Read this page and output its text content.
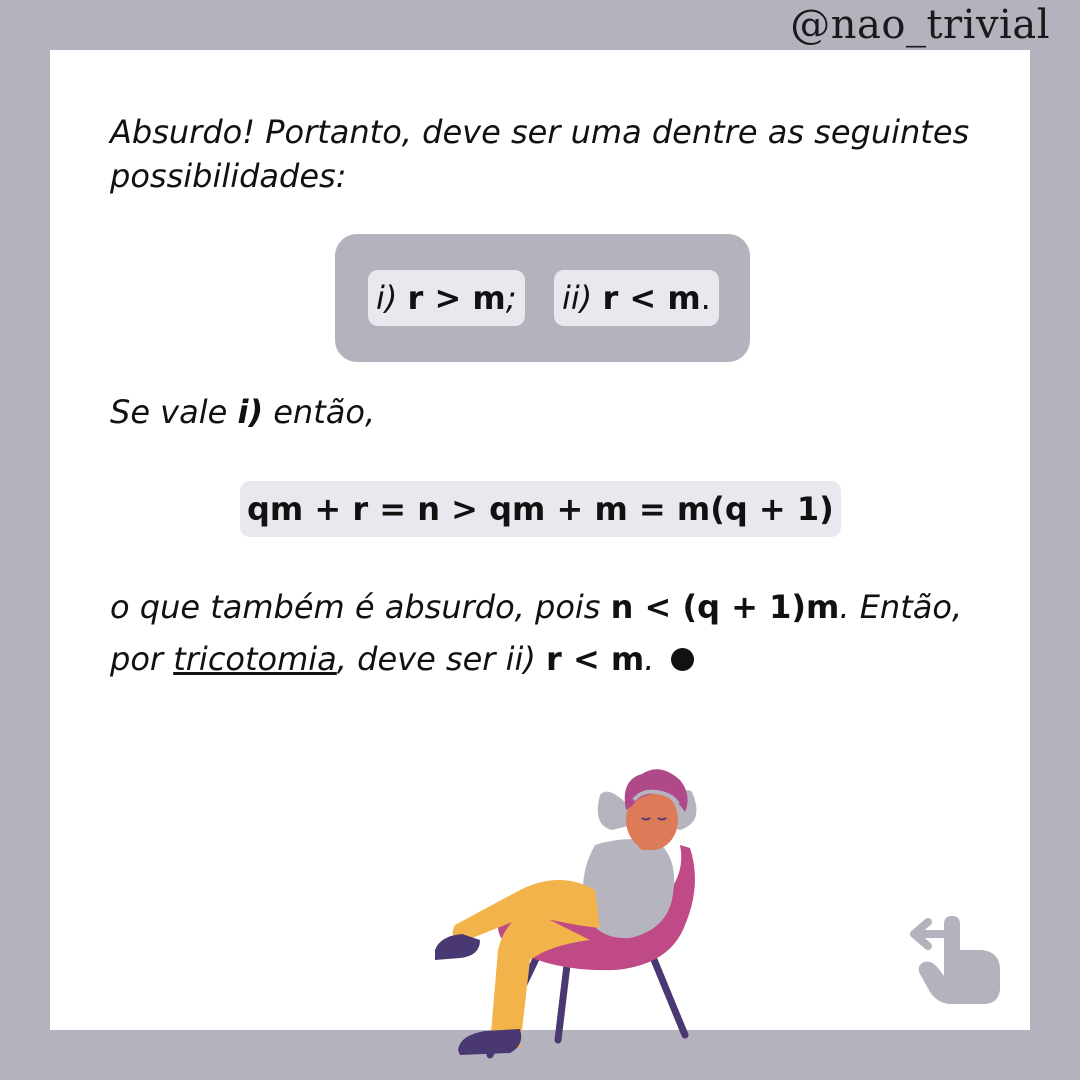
@nao_trivial
Absurdo! Portanto, deve ser uma dentre as seguintes possibilidades:
i) r > m; ii) r < m.
Se vale i) então,
qm + r = n > qm + m = m(q + 1)
o que também é absurdo, pois n < (q + 1)m. Então, por tricotomia, deve ser ii) r < m.
